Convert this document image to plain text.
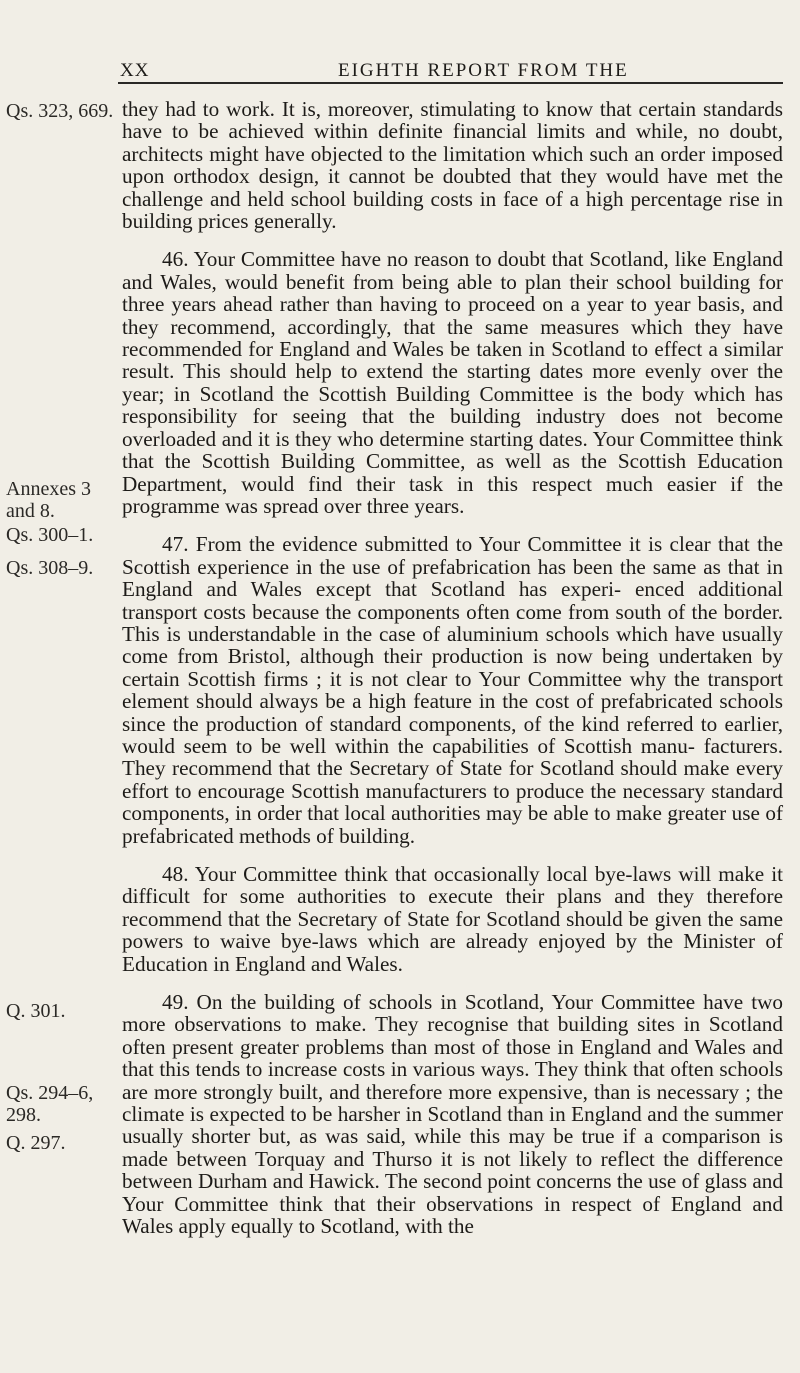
XX	EIGHTH REPORT FROM THE
Qs. 323, 669.
Annexes 3 and 8.
Qs. 300–1.
Qs. 308–9.
Q. 301.
Qs. 294–6, 298.
Q. 297.

they had to work. It is, moreover, stimulating to know that certain standards have to be achieved within definite financial limits and while, no doubt, architects might have objected to the limitation which such an order imposed upon orthodox design, it cannot be doubted that they would have met the challenge and held school building costs in face of a high percentage rise in building prices generally.

46. Your Committee have no reason to doubt that Scotland, like England and Wales, would benefit from being able to plan their school building for three years ahead rather than having to proceed on a year to year basis, and they recommend, accordingly, that the same measures which they have recommended for England and Wales be taken in Scotland to effect a similar result. This should help to extend the starting dates more evenly over the year; in Scotland the Scottish Building Committee is the body which has responsibility for seeing that the building industry does not become overloaded and it is they who determine starting dates. Your Committee think that the Scottish Building Committee, as well as the Scottish Education Department, would find their task in this respect much easier if the programme was spread over three years.

47. From the evidence submitted to Your Committee it is clear that the Scottish experience in the use of prefabrication has been the same as that in England and Wales except that Scotland has experi- enced additional transport costs because the components often come from south of the border. This is understandable in the case of aluminium schools which have usually come from Bristol, although their production is now being undertaken by certain Scottish firms ; it is not clear to Your Committee why the transport element should always be a high feature in the cost of prefabricated schools since the production of standard components, of the kind referred to earlier, would seem to be well within the capabilities of Scottish manu- facturers. They recommend that the Secretary of State for Scotland should make every effort to encourage Scottish manufacturers to produce the necessary standard components, in order that local authorities may be able to make greater use of prefabricated methods of building.

48. Your Committee think that occasionally local bye-laws will make it difficult for some authorities to execute their plans and they therefore recommend that the Secretary of State for Scotland should be given the same powers to waive bye-laws which are already enjoyed by the Minister of Education in England and Wales.

49. On the building of schools in Scotland, Your Committee have two more observations to make. They recognise that building sites in Scotland often present greater problems than most of those in England and Wales and that this tends to increase costs in various ways. They think that often schools are more strongly built, and therefore more expensive, than is necessary ; the climate is expected to be harsher in Scotland than in England and the summer usually shorter but, as was said, while this may be true if a comparison is made between Torquay and Thurso it is not likely to reflect the difference between Durham and Hawick. The second point concerns the use of glass and Your Committee think that their observations in respect of England and Wales apply equally to Scotland, with the
